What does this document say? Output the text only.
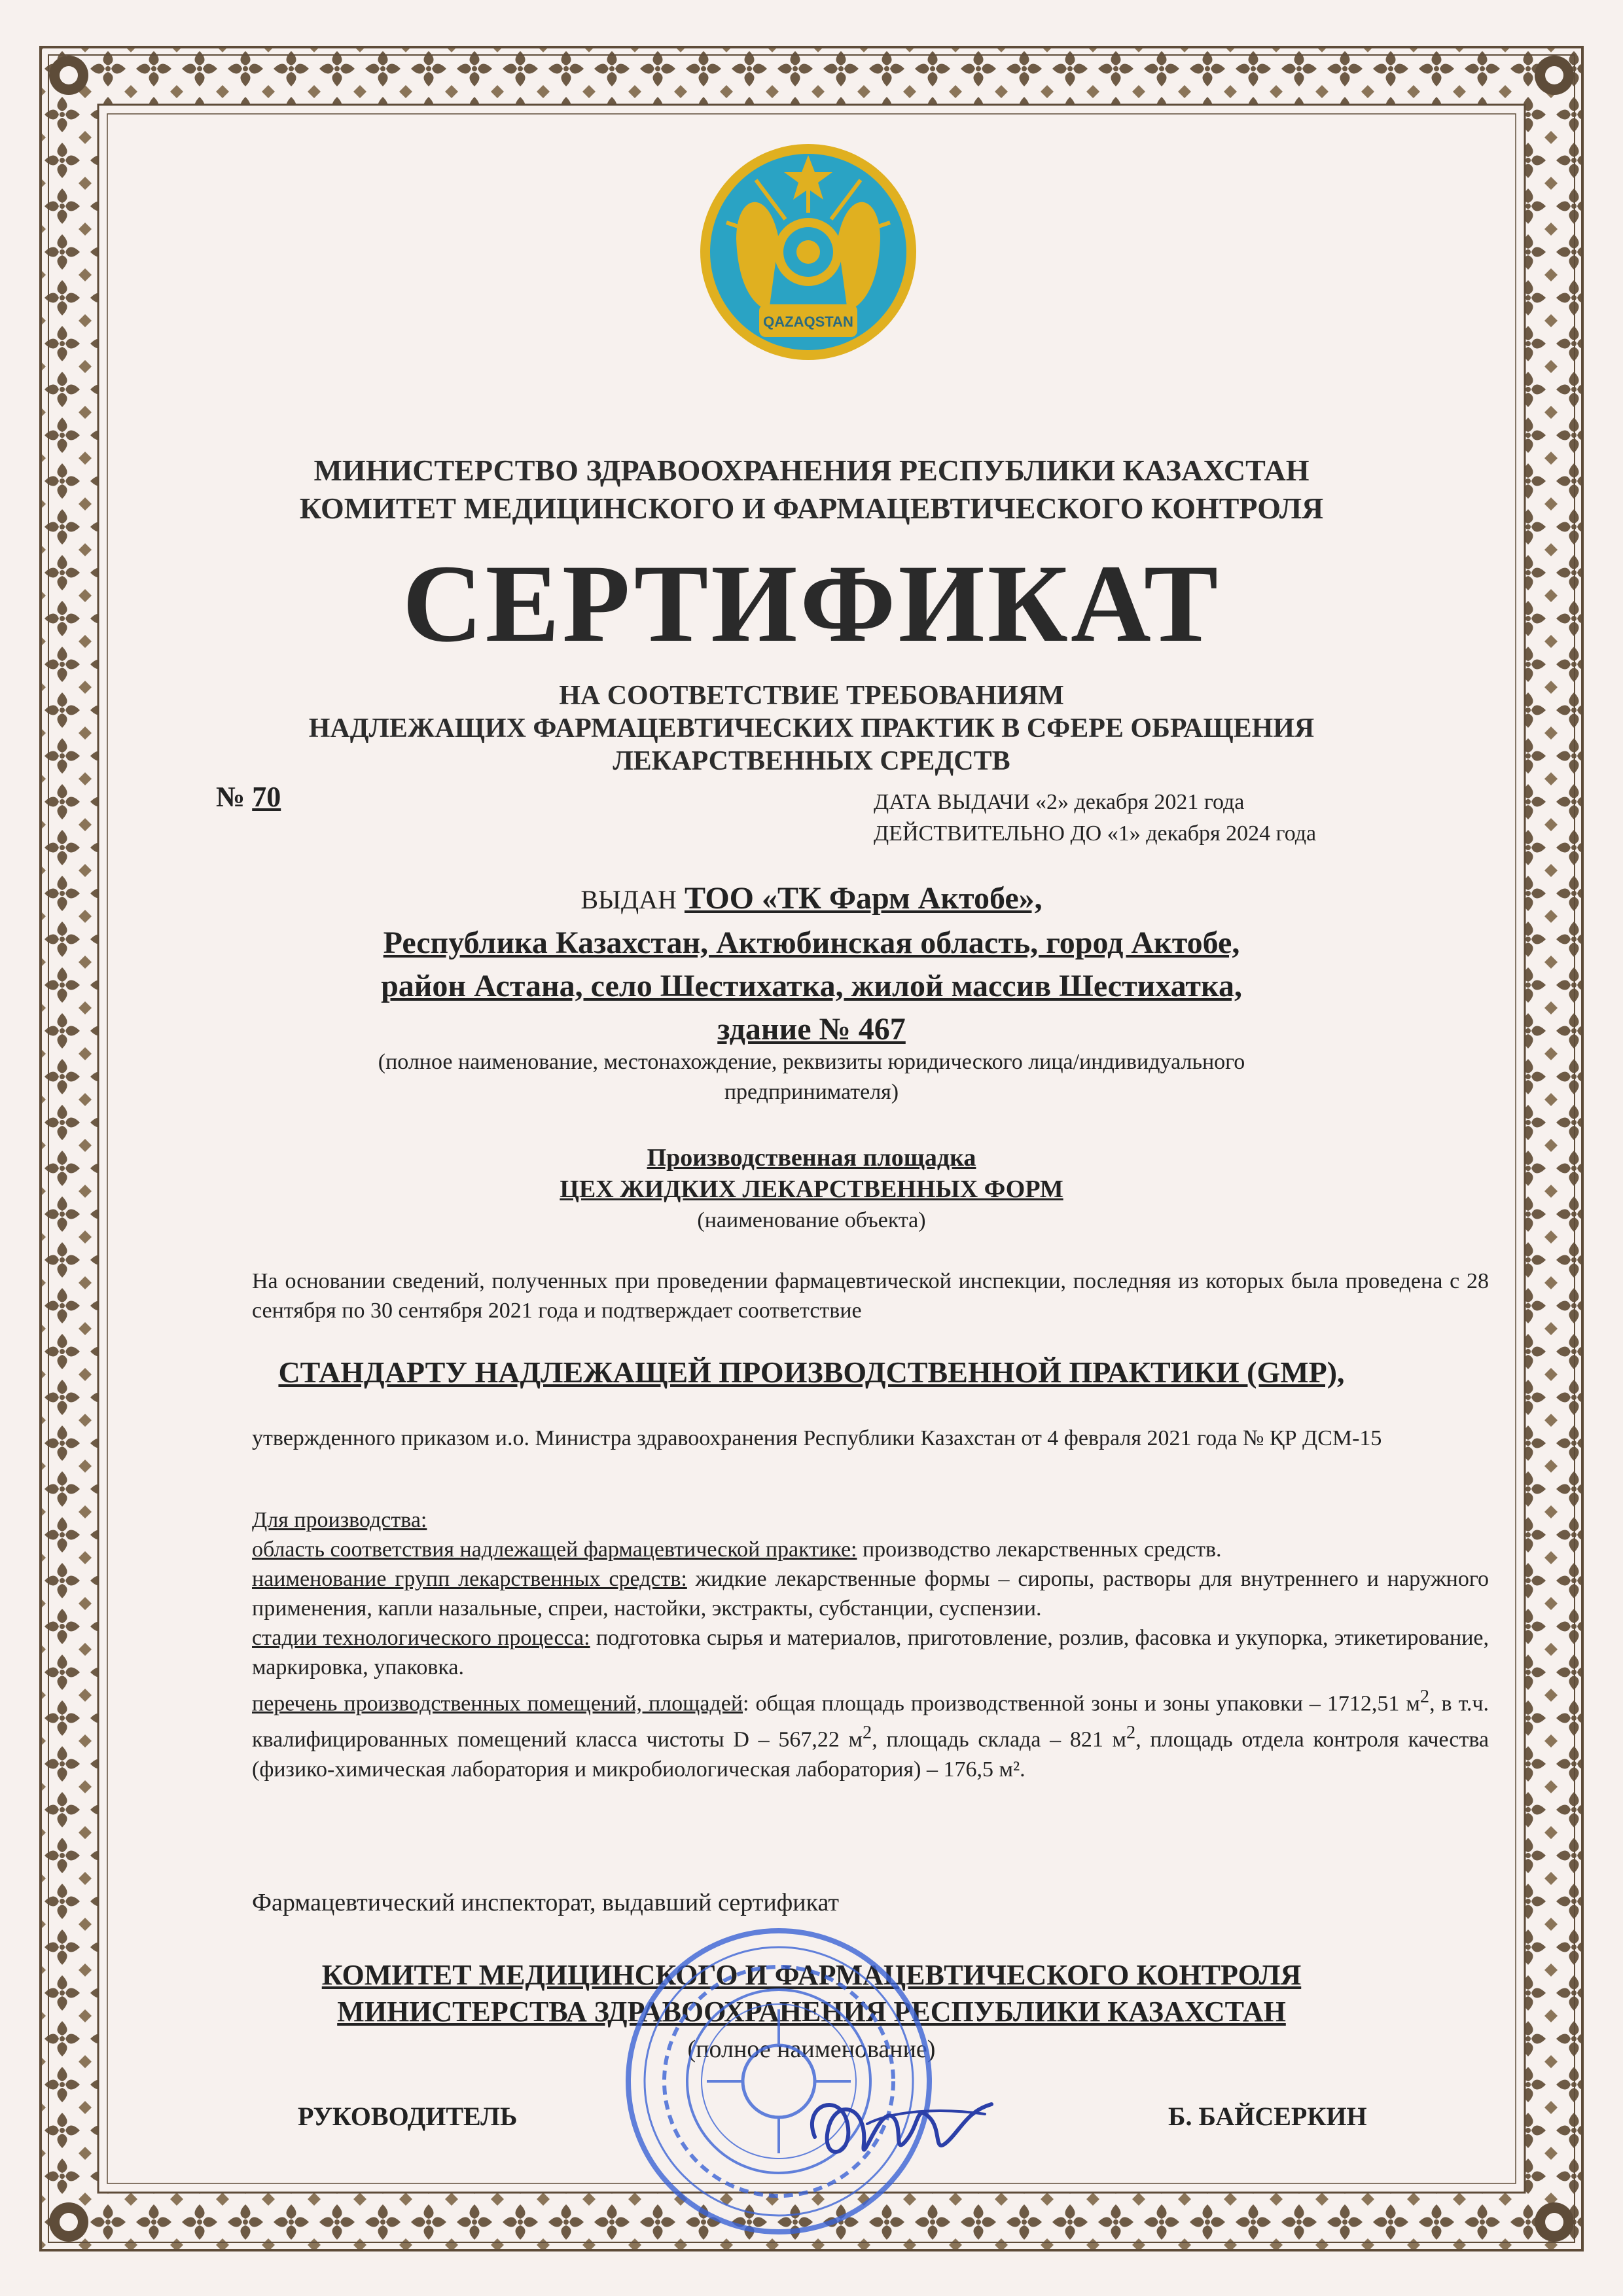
QAZAQSTAN
МИНИСТЕРСТВО ЗДРАВООХРАНЕНИЯ РЕСПУБЛИКИ КАЗАХСТАН
КОМИТЕТ МЕДИЦИНСКОГО И ФАРМАЦЕВТИЧЕСКОГО КОНТРОЛЯ
СЕРТИФИКАТ
НА СООТВЕТСТВИЕ ТРЕБОВАНИЯМ
НАДЛЕЖАЩИХ ФАРМАЦЕВТИЧЕСКИХ ПРАКТИК В СФЕРЕ ОБРАЩЕНИЯ
ЛЕКАРСТВЕННЫХ СРЕДСТВ
№ 70	ДАТА ВЫДАЧИ «2» декабря 2021 года
ДЕЙСТВИТЕЛЬНО ДО «1» декабря 2024 года
ВЫДАН ТОО «ТК Фарм Актобе»,
Республика Казахстан, Актюбинская область, город Актобе,
район Астана, село Шестихатка, жилой массив Шестихатка,
здание № 467
(полное наименование, местонахождение, реквизиты юридического лица/индивидуального
предпринимателя)
Производственная площадка
ЦЕХ ЖИДКИХ ЛЕКАРСТВЕННЫХ ФОРМ
(наименование объекта)
На основании сведений, полученных при проведении фармацевтической инспекции, последняя из которых была проведена с 28 сентября по 30 сентября 2021 года и подтверждает соответствие
СТАНДАРТУ НАДЛЕЖАЩЕЙ ПРОИЗВОДСТВЕННОЙ ПРАКТИКИ (GMP),
утвержденного приказом и.о. Министра здравоохранения Республики Казахстан от 4 февраля 2021 года № ҚР ДСМ-15
Для производства:
область соответствия надлежащей фармацевтической практике: производство лекарственных средств.
наименование групп лекарственных средств: жидкие лекарственные формы – сиропы, растворы для внутреннего и наружного применения, капли назальные, спреи, настойки, экстракты, субстанции, суспензии.
стадии технологического процесса: подготовка сырья и материалов, приготовление, розлив, фасовка и укупорка, этикетирование, маркировка, упаковка.
перечень производственных помещений, площадей: общая площадь производственной зоны и зоны упаковки – 1712,51 $м^2$, в т.ч. квалифицированных помещений класса чистоты D – 567,22 $м^2$, площадь склада – 821 $м^2$, площадь отдела контроля качества (физико-химическая лаборатория и микробиологическая лаборатория) – 176,5 м².
Фармацевтический инспекторат, выдавший сертификат
КОМИТЕТ МЕДИЦИНСКОГО И ФАРМАЦЕВТИЧЕСКОГО КОНТРОЛЯ
МИНИСТЕРСТВА ЗДРАВООХРАНЕНИЯ РЕСПУБЛИКИ КАЗАХСТАН
(полное наименование)
РУКОВОДИТЕЛЬ	Б. БАЙСЕРКИН
